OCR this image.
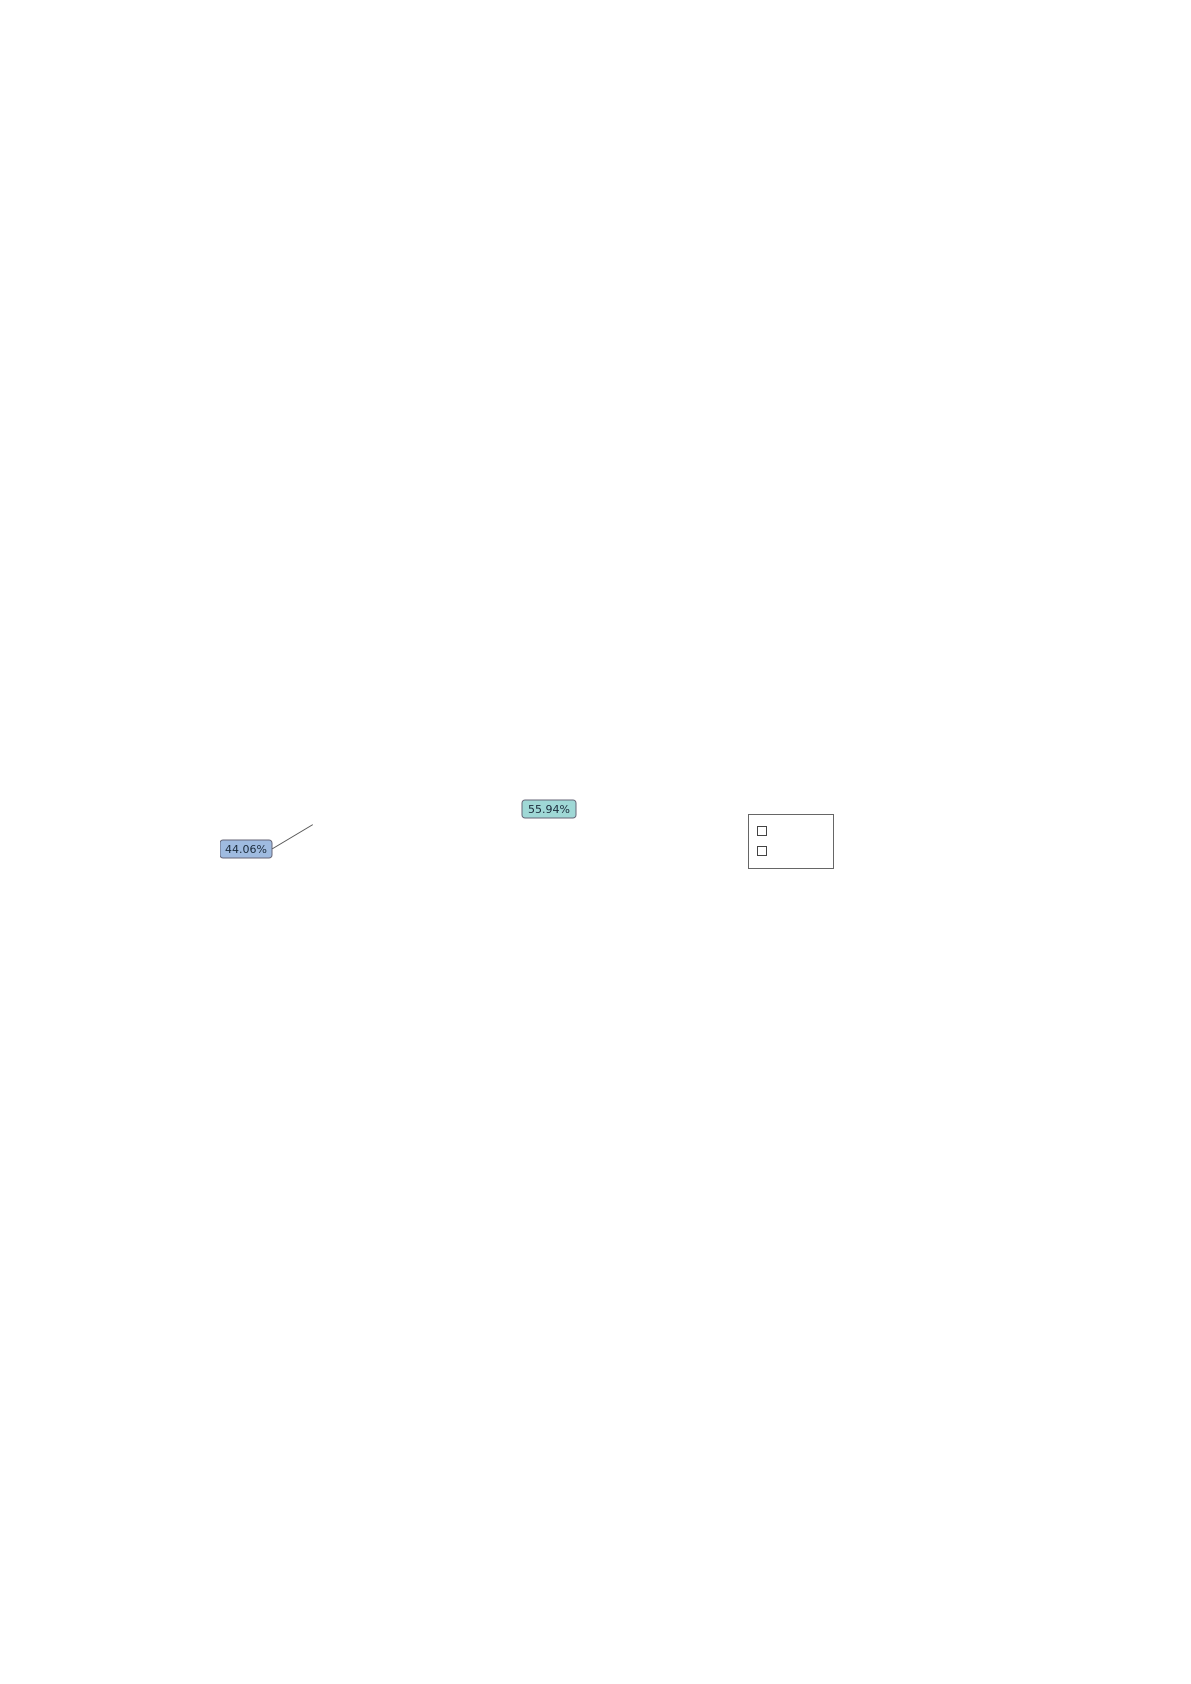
44.06%
55.94%
